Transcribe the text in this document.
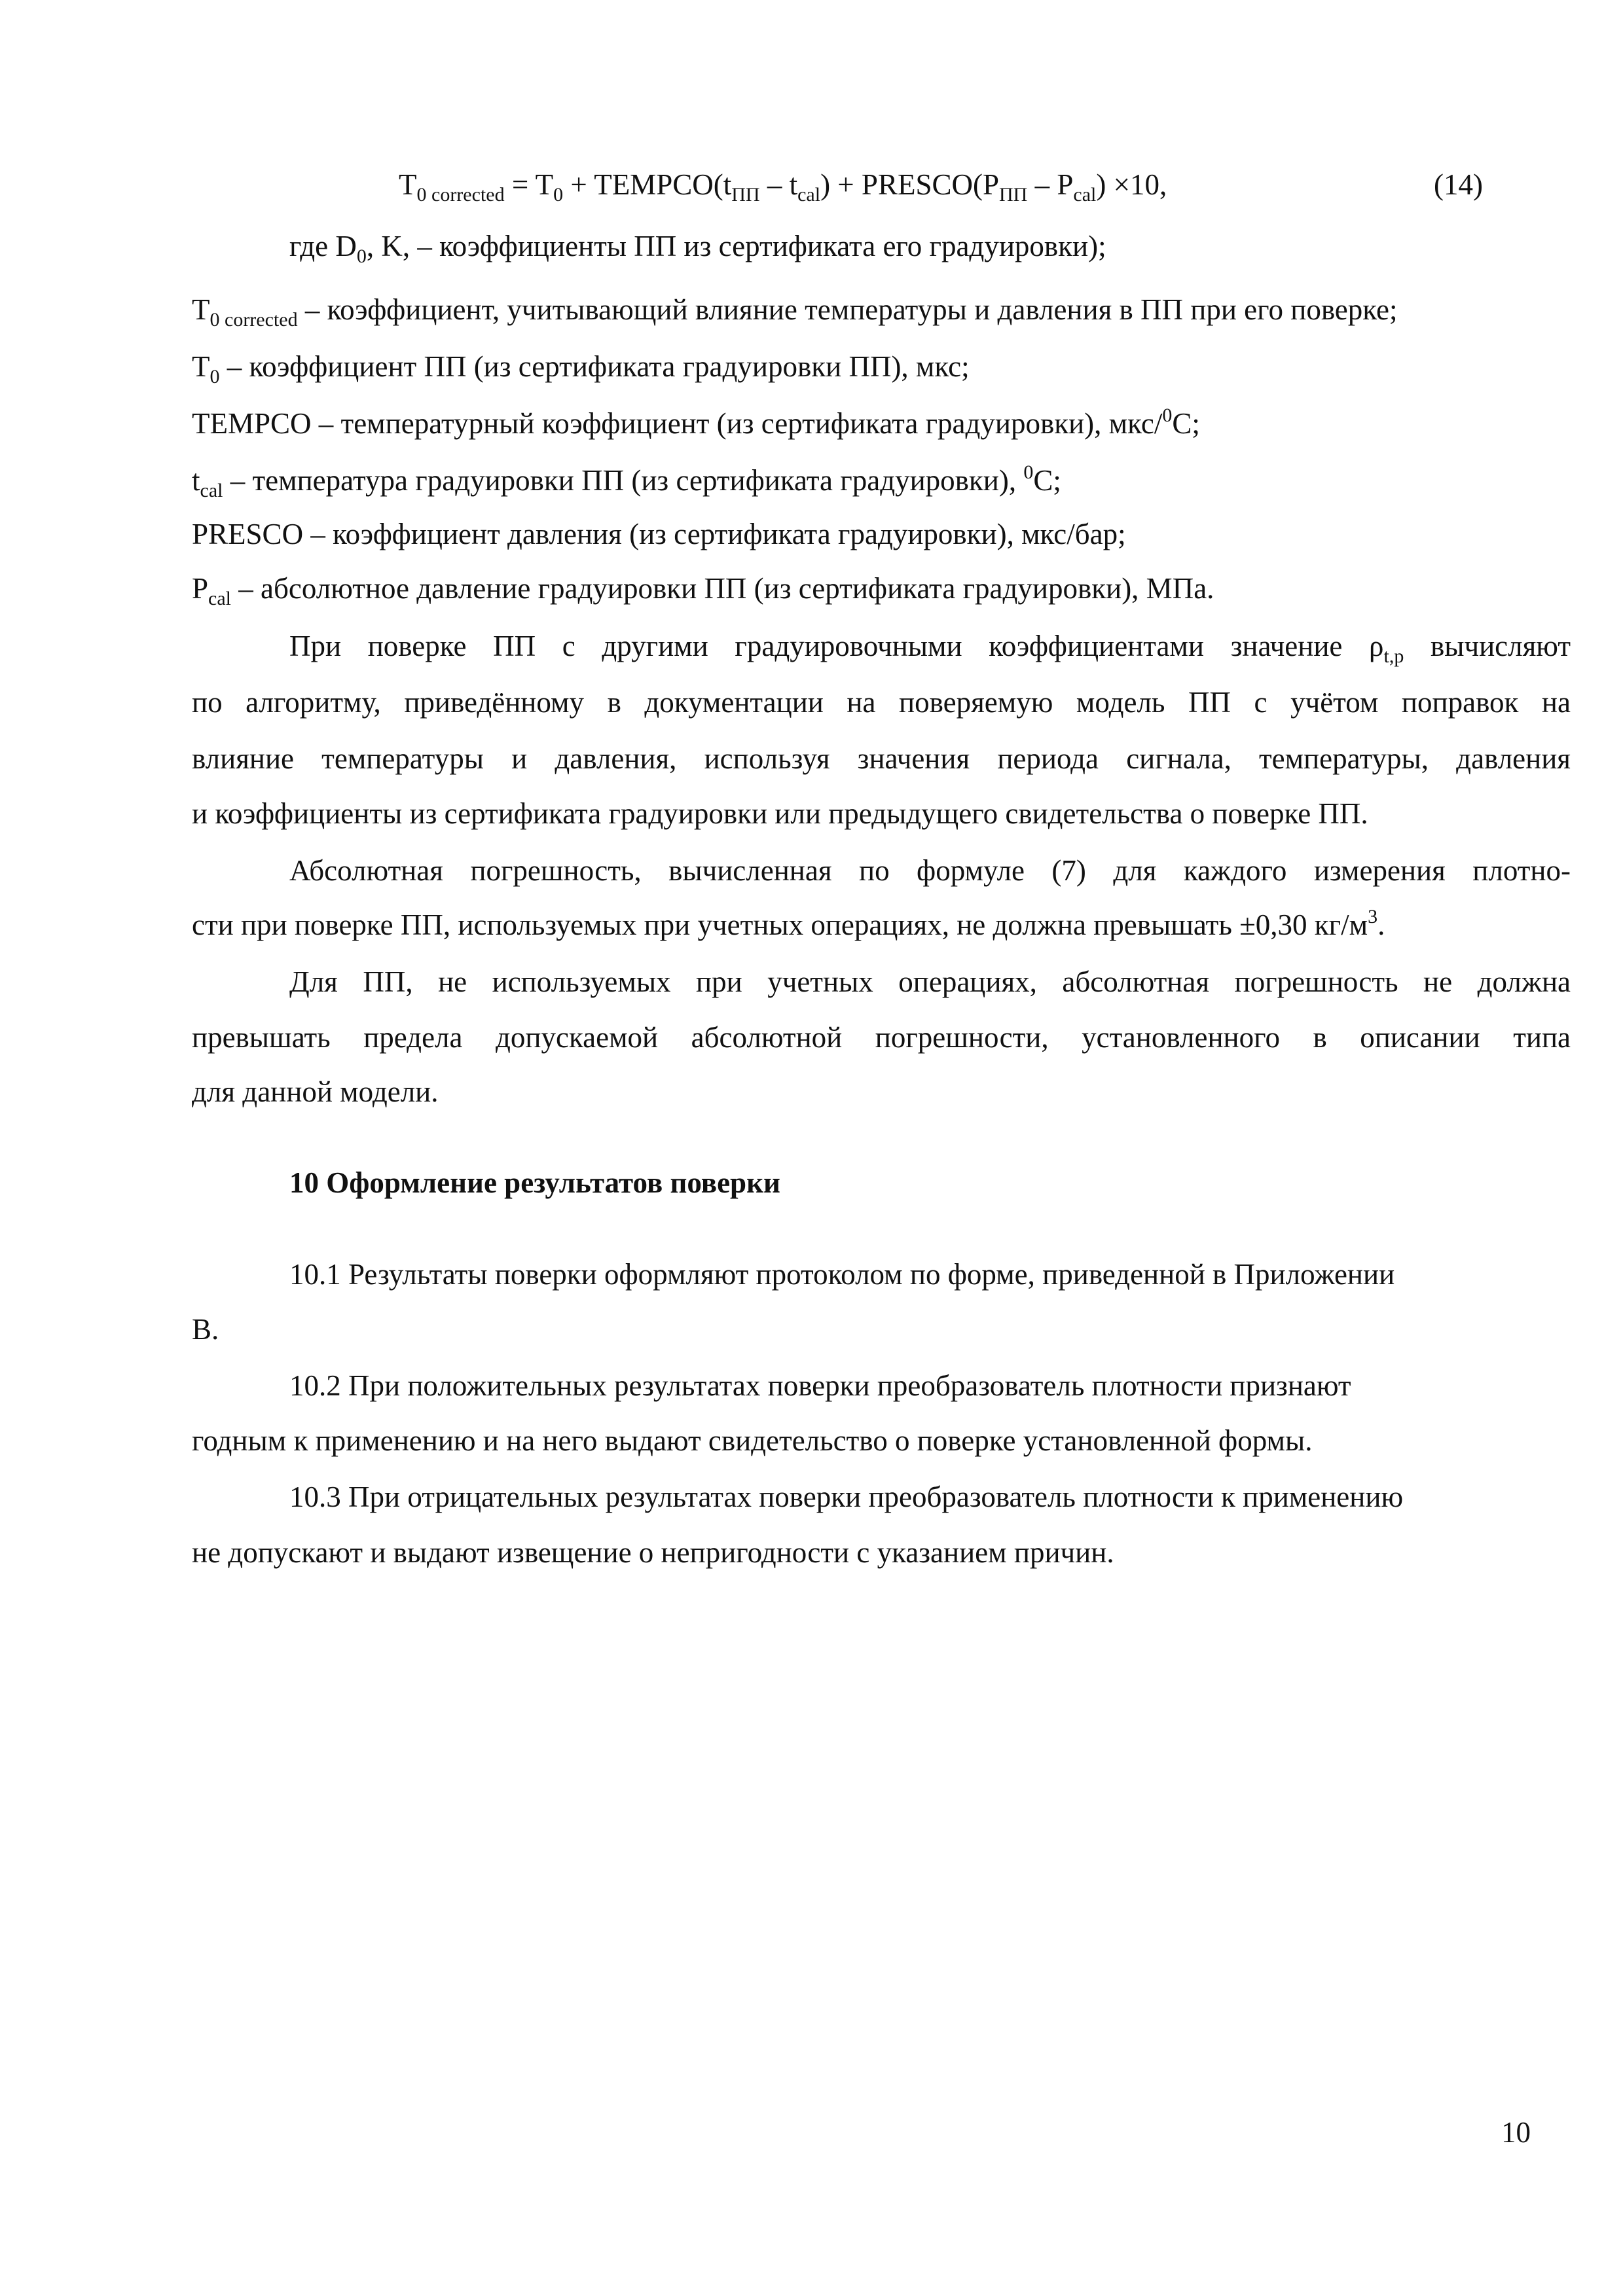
$T_{0 corrected} = T_0$ + $TEMPCO(t_{ПП} - t_{cal})$ + $PRESCO(P_{ПП} - P_{cal}) \times 10$,	(14)
где $D_0$, K, – коэффициенты ПП из сертификата его градуировки);
$T_{0 corrected}$ – коэффициент, учитывающий влияние температуры и давления в ПП при его поверке;
$T_0$ – коэффициент ПП (из сертификата градуировки ПП), мкс;
TEMPCO – температурный коэффициент (из сертификата градуировки), мкс/$^0$C;
$t_{cal}$ – температура градуировки ПП (из сертификата градуировки), $^0$C;
PRESCO – коэффициент давления (из сертификата градуировки), мкс/бар;
$P_{cal}$ – абсолютное давление градуировки ПП (из сертификата градуировки), МПа.
При поверке ПП с другими градуировочными коэффициентами значение $\rho_{t,p}$ вычисляют
по алгоритму, приведённому в документации на поверяемую модель ПП с учётом поправок на
влияние температуры и давления, используя значения периода сигнала, температуры, давления
и коэффициенты из сертификата градуировки или предыдущего свидетельства о поверке ПП.
Абсолютная погрешность, вычисленная по формуле (7) для каждого измерения плотно-
сти при поверке ПП, используемых при учетных операциях, не должна превышать ±0,30 $кг/м^3$.
Для ПП, не используемых при учетных операциях, абсолютная погрешность не должна
превышать предела допускаемой абсолютной погрешности, установленного в описании типа
для данной модели.
10 Оформление результатов поверки
10.1 Результаты поверки оформляют протоколом по форме, приведенной в Приложении
В.
10.2 При положительных результатах поверки преобразователь плотности признают
годным к применению и на него выдают свидетельство о поверке установленной формы.
10.3 При отрицательных результатах поверки преобразователь плотности к применению
не допускают и выдают извещение о непригодности с указанием причин.
10
